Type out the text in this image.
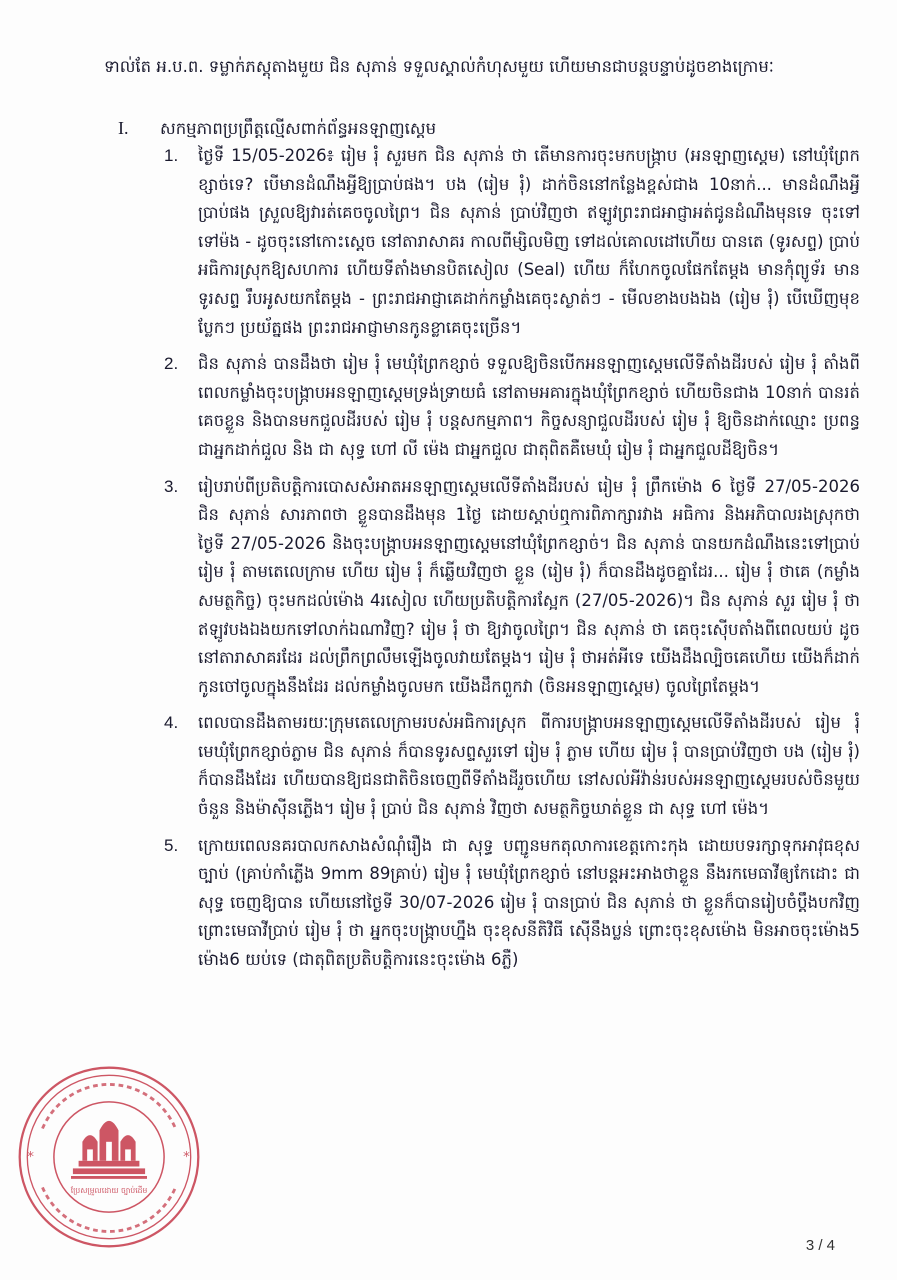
ទាល់តែ អ.ប.ព. ទម្លាក់ភស្តុតាងមួយ ជិន សុភាន់ ទទួលស្គាល់កំហុសមួយ ហើយមានជាបន្តបន្ទាប់ដូចខាងក្រោមៈ
I. សកម្មភាពប្រព្រឹត្តល្មើសពាក់ព័ន្ធអនឡាញស្ដេម
1. ថ្ងៃទី 15/05-2026៖ រៀម រុំ សួរមក ជិន សុភាន់ ថា តើមានការចុះមកបង្ក្រាប (អនឡាញស្ដេម) នៅឃុំព្រែកខ្សាច់ទេ? បើមានដំណឹងអ្វីឱ្យប្រាប់ផង។ បង (រៀម រុំ) ដាក់ចិននៅកន្លែងខ្ពស់ជាង 10នាក់... មានដំណឹងអ្វីប្រាប់ផង ស្រួលឱ្យវារត់គេចចូលព្រៃ។ ជិន សុភាន់ ប្រាប់វិញថា ឥឡូវព្រះរាជអាជ្ញាអត់ជូនដំណឹងមុនទេ ចុះទៅទៅម៉ង - ដូចចុះនៅកោះស្ដេច នៅតារាសាគរ កាលពីម្សិលមិញ ទៅដល់គោលដៅហើយ បានតេ (ទូរសព្ទ) ប្រាប់អធិការស្រុកឱ្យសហការ ហើយទីតាំងមានបិតសៀល (Seal) ហើយ ក៏ហែកចូលផែកតែម្ដង មានកុំព្យូទ័រ មានទូរសព្ទ រឹបអូសយកតែម្ដង - ព្រះរាជអាជ្ញាគេដាក់កម្លាំងគេចុះស្ងាត់ៗ - មើលខាងបងឯង (រៀម រុំ) បើឃើញមុខប្លែកៗ ប្រយ័ត្នផង ព្រះរាជអាជ្ញាមានកូនខ្លាគេចុះច្រើន។
2. ជិន សុភាន់ បានដឹងថា រៀម រុំ មេឃុំព្រែកខ្សាច់ ទទួលឱ្យចិនបើកអនឡាញស្ដេមលើទីតាំងដីរបស់ រៀម រុំ តាំងពីពេលកម្លាំងចុះបង្ក្រាបអនឡាញស្ដេមទ្រង់ទ្រាយធំ នៅតាមអគារក្នុងឃុំព្រែកខ្សាច់ ហើយចិនជាង 10នាក់ បានរត់គេចខ្លួន និងបានមកជួលដីរបស់ រៀម រុំ បន្តសកម្មភាព។ កិច្ចសន្យាជួលដីរបស់ រៀម រុំ ឱ្យចិនដាក់ឈ្មោះ ប្រពន្ធជាអ្នកដាក់ជួល និង ជា សុទ្ធ ហៅ លី ម៉េង ជាអ្នកជួល ជាតុពិតគឺមេឃុំ រៀម រុំ ជាអ្នកជួលដីឱ្យចិន។
3. រៀបរាប់ពីប្រតិបត្តិការបោសសំអាតអនឡាញស្ដេមលើទីតាំងដីរបស់ រៀម រុំ ព្រឹកម៉ោង 6 ថ្ងៃទី 27/05-2026 ជិន សុភាន់ សារភាពថា ខ្លួនបានដឹងមុន 1ថ្ងៃ ដោយស្ដាប់ឮការពិភាក្សារវាង អធិការ និងអភិបាលរងស្រុកថា ថ្ងៃទី 27/05-2026 និងចុះបង្ក្រាបអនឡាញស្ដេមនៅឃុំព្រែកខ្សាច់។ ជិន សុភាន់ បានយកដំណឹងនេះទៅប្រាប់ រៀម រុំ តាមតេលេក្រាម ហើយ រៀម រុំ ក៏ឆ្លើយវិញថា ខ្លួន (រៀម រុំ) ក៏បានដឹងដូចគ្នាដែរ... រៀម រុំ ថាគេ (កម្លាំងសមត្ថកិច្ច) ចុះមកដល់ម៉ោង 4រសៀល ហើយប្រតិបត្តិការស្អែក (27/05-2026)។ ជិន សុភាន់ សួរ រៀម រុំ ថា ឥឡូវបងឯងយកទៅលាក់ឯណាវិញ? រៀម រុំ ថា ឱ្យវាចូលព្រៃ។ ជិន សុភាន់ ថា គេចុះស៊ើបតាំងពីពេលយប់ ដូចនៅតារាសាគរដែរ ដល់ព្រឹកព្រលឹមឡើងចូលវាយតែម្ដង។ រៀម រុំ ថាអត់អីទេ យើងដឹងល្បិចគេហើយ យើងក៏ដាក់កូនចៅចូលក្នុងនឹងដែរ ដល់កម្លាំងចូលមក យើងដឹកពួកវា (ចិនអនឡាញស្ដេម) ចូលព្រៃតែម្ដង។
4. ពេលបានដឹងតាមរយៈក្រុមតេលេក្រាមរបស់អធិការស្រុក ពីការបង្ក្រាបអនឡាញស្ដេមលើទីតាំងដីរបស់ រៀម រុំ មេឃុំព្រែកខ្សាច់ភ្លាម ជិន សុភាន់ ក៏បានទូរសព្ទសួរទៅ រៀម រុំ ភ្លាម ហើយ រៀម រុំ បានប្រាប់វិញថា បង (រៀម រុំ) ក៏បានដឹងដែរ ហើយបានឱ្យជនជាតិចិនចេញពីទីតាំងដីរួចហើយ នៅសល់អីវ៉ាន់របស់អនឡាញស្ដេមរបស់ចិនមួយចំនួន និងម៉ាស៊ីនភ្លើង។ រៀម រុំ ប្រាប់ ជិន សុភាន់ វិញថា សមត្ថកិច្ចឃាត់ខ្លួន ជា សុទ្ធ ហៅ ម៉េង។
5. ក្រោយពេលនគរបាលកសាងសំណុំរឿង ជា សុទ្ធ បញ្ជូនមកតុលាការខេត្តកោះកុង ដោយបទរក្សាទុកអាវុធខុសច្បាប់ (គ្រាប់កាំភ្លើង 9mm 89គ្រាប់) រៀម រុំ មេឃុំព្រែកខ្សាច់ នៅបន្តអះអាងថាខ្លួន នឹងរកមេធាវីឲ្យកែដោះ ជា សុទ្ធ ចេញឱ្យបាន ហើយនៅថ្ងៃទី 30/07-2026 រៀម រុំ បានប្រាប់ ជិន សុភាន់ ថា ខ្លួនក៏បានរៀបចំប្ដឹងបកវិញ ព្រោះមេធាវីប្រាប់ រៀម រុំ ថា អ្នកចុះបង្ក្រាបហ្នឹង ចុះខុសនីតិវិធី ស៊ើនឹងប្លន់ ព្រោះចុះខុសម៉ោង មិនអាចចុះម៉ោង5 ម៉ោង6 យប់ទេ (ជាតុពិតប្រតិបត្តិការនេះចុះម៉ោង 6ភ្លឺ)
ប្រែសម្រួលដោយ ច្បាប់ដើម
*	*
3 / 4
